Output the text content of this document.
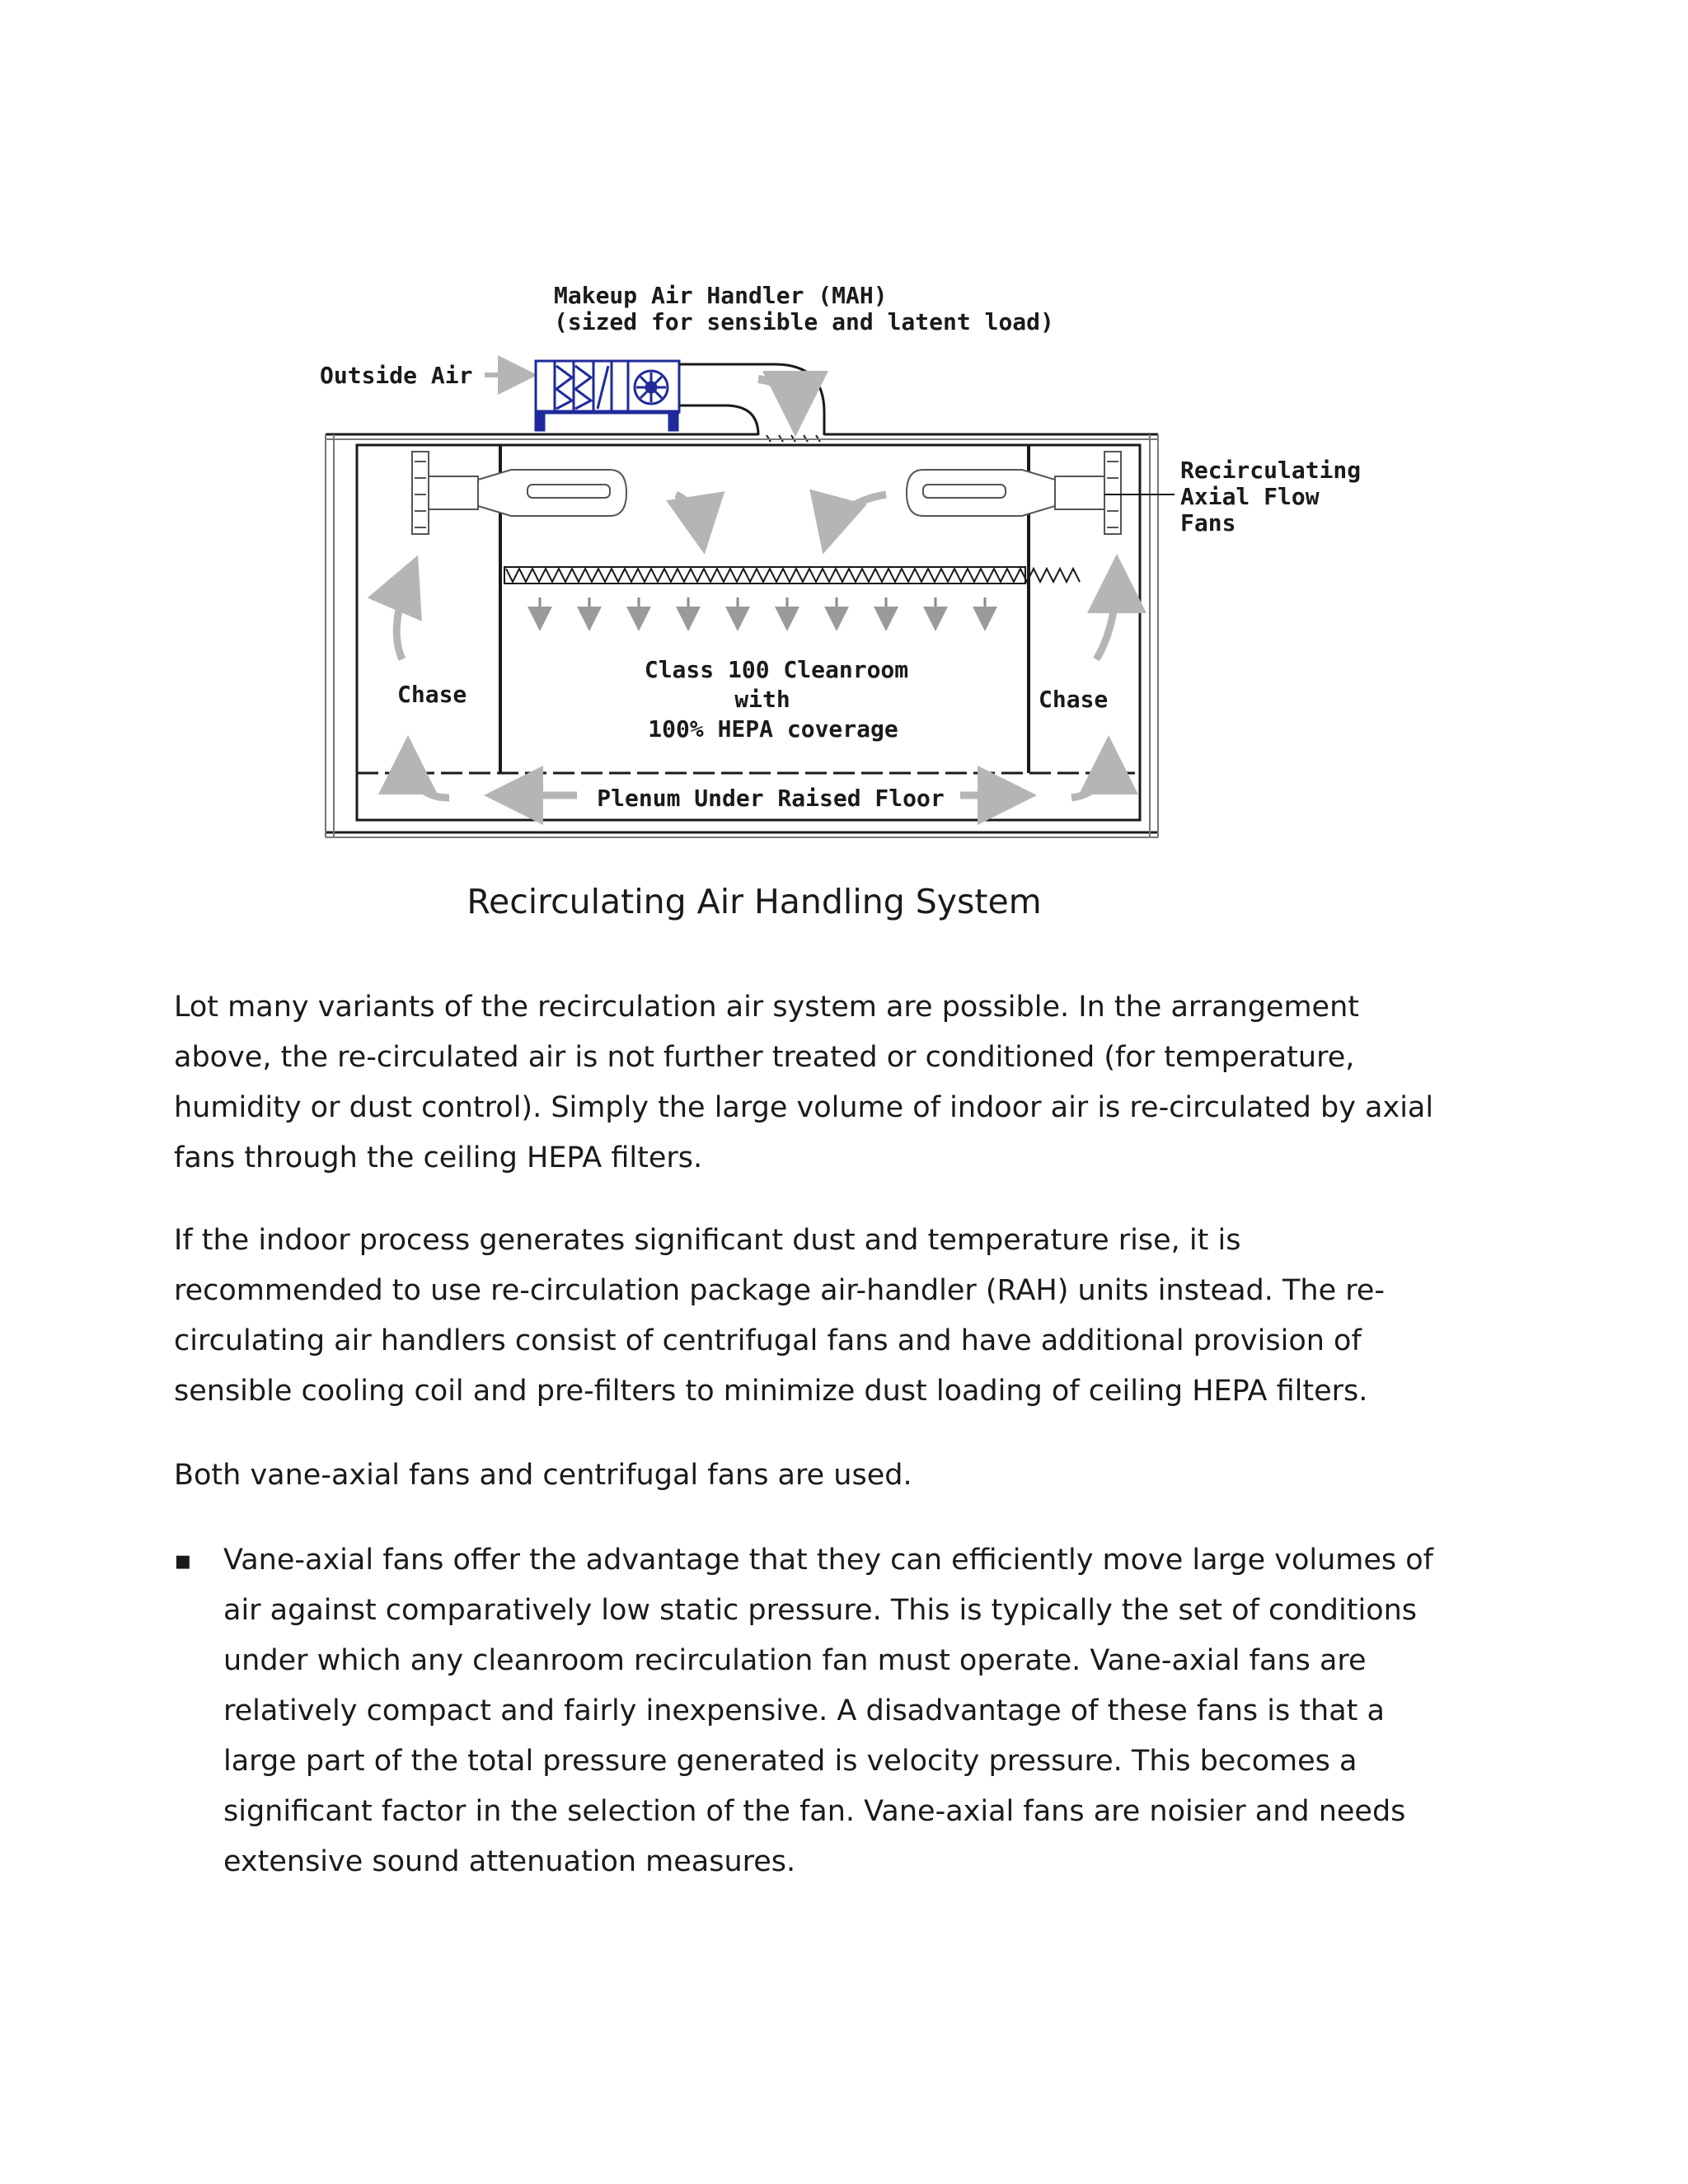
Makeup Air Handler (MAH)
(sized for sensible and latent load)
Outside Air
Recirculating
Axial Flow
Fans
Chase	Chase
Class 100 Cleanroom
with
100% HEPA coverage
Plenum Under Raised Floor
Recirculating Air Handling System

Lot many variants of the recirculation air system are possible. In the arrangement above, the re-circulated air is not further treated or conditioned (for temperature, humidity or dust control). Simply the large volume of indoor air is re-circulated by axial fans through the ceiling HEPA filters.

If the indoor process generates significant dust and temperature rise, it is recommended to use re-circulation package air-handler (RAH) units instead. The re-circulating air handlers consist of centrifugal fans and have additional provision of sensible cooling coil and pre-filters to minimize dust loading of ceiling HEPA filters.

Both vane-axial fans and centrifugal fans are used.

▪ Vane-axial fans offer the advantage that they can efficiently move large volumes of air against comparatively low static pressure. This is typically the set of conditions under which any cleanroom recirculation fan must operate. Vane-axial fans are relatively compact and fairly inexpensive. A disadvantage of these fans is that a large part of the total pressure generated is velocity pressure. This becomes a significant factor in the selection of the fan. Vane-axial fans are noisier and needs extensive sound attenuation measures.
